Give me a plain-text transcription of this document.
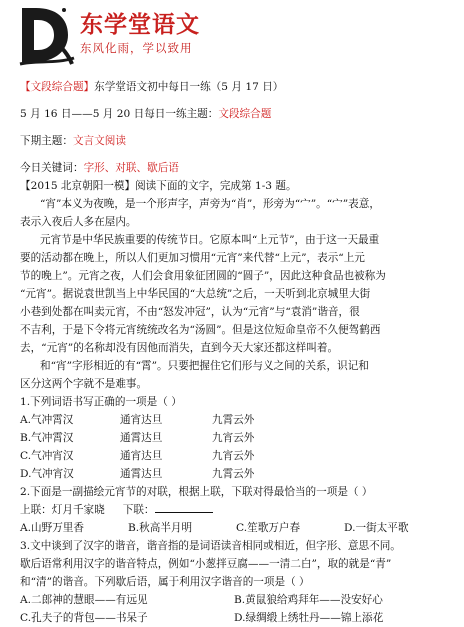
东学堂语文
东风化雨，学以致用
【文段综合题】东学堂语文初中每日一练（5 月 17 日）
5 月 16 日——5 月 20 日每日一练主题：文段综合题
下期主题：文言文阅读
今日关键词：字形、对联、歇后语
【2015 北京朝阳一模】阅读下面的文字，完成第 1-3 题。
“宵”本义为夜晚，是一个形声字，声旁为“肖”，形旁为“宀”。“宀”表意，
表示入夜后人多在屋内。
元宵节是中华民族重要的传统节日。它原本叫“上元节”，由于这一天最重
要的活动都在晚上，所以人们更加习惯用“元宵”来代替“上元”，表示“上元
节的晚上”。元宵之夜，人们会食用象征团圆的“圆子”，因此这种食品也被称为
“元宵”。据说袁世凯当上中华民国的“大总统”之后，一天听到北京城里大街
小巷到处都在叫卖元宵，不由“怒发冲冠”，认为“元宵”与“袁消”谐音，很
不吉利，于是下令将元宵统统改名为“汤圆”。但是这位短命皇帝不久便驾鹤西
去，“元宵”的名称却没有因他而消失，直到今天大家还都这样叫着。
和“宵”字形相近的有“霄”。只要把握住它们形与义之间的关系，识记和
区分这两个字就不是难事。
1.下列词语书写正确的一项是（ ）
A.气冲霄汉	通宵达旦	九霄云外
B.气冲霄汉	通霄达旦	九宵云外
C.气冲宵汉	通宵达旦	九宵云外
D.气冲宵汉	通霄达旦	九霄云外
2.下面是一副描绘元宵节的对联，根据上联，下联对得最恰当的一项是（ ）
上联：灯月千家晓 下联：
A.山野万里香	B.秋高半月明	C.笙歌万户春	D.一街太平歌
3.文中谈到了汉字的谐音，谐音指的是词语读音相同或相近，但字形、意思不同。
歇后语常利用汉字的谐音特点，例如“小葱拌豆腐——一清二白”，取的就是“青”
和“清”的谐音。下列歇后语，属于利用汉字谐音的一项是（ ）
A.二郎神的慧眼——有远见	B.黄鼠狼给鸡拜年——没安好心
C.孔夫子的背包——书呆子	D.绿绸缎上绣牡丹——锦上添花
